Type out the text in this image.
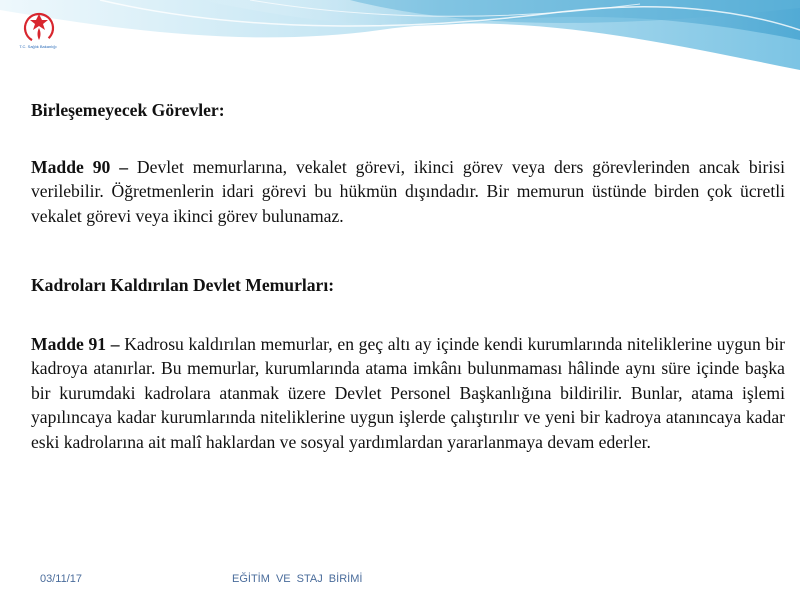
T.C. Sağlık Bakanlığı

Birleşemeyecek Görevler:

Madde 90 – Devlet memurlarına, vekalet görevi, ikinci görev veya ders görevlerinden ancak birisi verilebilir. Öğretmenlerin idari görevi bu hükmün dışındadır. Bir memurun üstünde birden çok ücretli vekalet görevi veya ikinci görev bulunamaz.

Kadroları Kaldırılan Devlet Memurları:

Madde 91 – Kadrosu kaldırılan memurlar, en geç altı ay içinde kendi kurumlarında niteliklerine uygun bir kadroya atanırlar. Bu memurlar, kurumlarında atama imkânı bulunmaması hâlinde aynı süre içinde başka bir kurumdaki kadrolara atanmak üzere Devlet Personel Başkanlığına bildirilir. Bunlar, atama işlemi yapılıncaya kadar kurumlarında niteliklerine uygun işlerde çalıştırılır ve yeni bir kadroya atanıncaya kadar eski kadrolarına ait malî haklardan ve sosyal yardımlardan yararlanmaya devam ederler.

03/11/17	EĞİTİM VE STAJ BİRİMİ
